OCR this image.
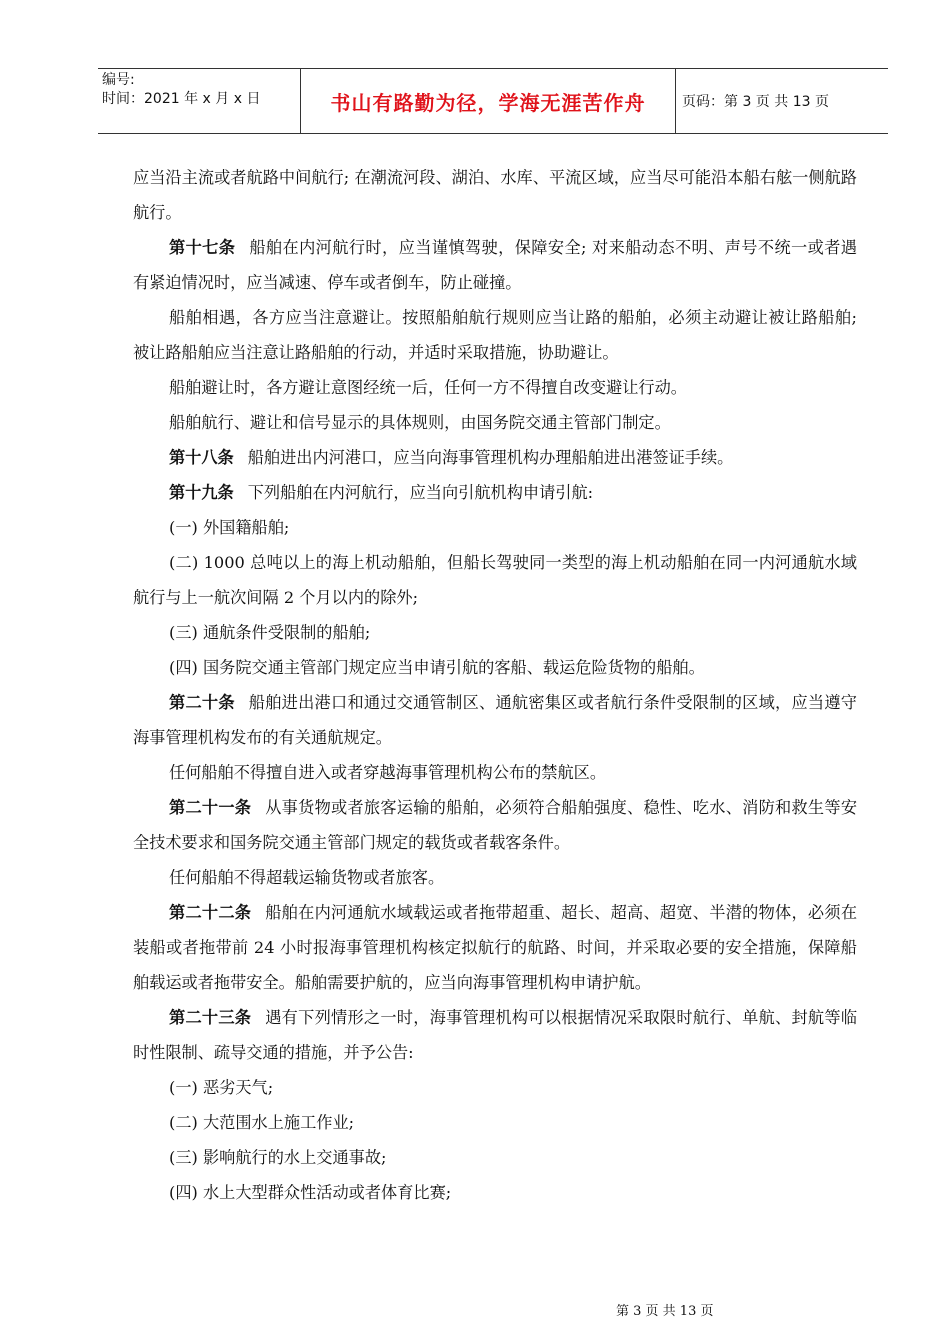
编号:
时间：2021 年 x 月 x 日	书山有路勤为径，学海无涯苦作舟	页码：第 3 页 共 13 页

应当沿主流或者航路中间航行; 在潮流河段、湖泊、水库、平流区域，应当尽可能沿本船右舷一侧航路航行。

第十七条 船舶在内河航行时，应当谨慎驾驶，保障安全; 对来船动态不明、声号不统一或者遇有紧迫情况时，应当减速、停车或者倒车，防止碰撞。

船舶相遇，各方应当注意避让。按照船舶航行规则应当让路的船舶，必须主动避让被让路船舶; 被让路船舶应当注意让路船舶的行动，并适时采取措施，协助避让。

船舶避让时，各方避让意图经统一后，任何一方不得擅自改变避让行动。

船舶航行、避让和信号显示的具体规则，由国务院交通主管部门制定。

第十八条 船舶进出内河港口，应当向海事管理机构办理船舶进出港签证手续。

第十九条 下列船舶在内河航行，应当向引航机构申请引航:

(一) 外国籍船舶;

(二) 1000 总吨以上的海上机动船舶，但船长驾驶同一类型的海上机动船舶在同一内河通航水域航行与上一航次间隔 2 个月以内的除外;

(三) 通航条件受限制的船舶;

(四) 国务院交通主管部门规定应当申请引航的客船、载运危险货物的船舶。

第二十条 船舶进出港口和通过交通管制区、通航密集区或者航行条件受限制的区域，应当遵守海事管理机构发布的有关通航规定。

任何船舶不得擅自进入或者穿越海事管理机构公布的禁航区。

第二十一条 从事货物或者旅客运输的船舶，必须符合船舶强度、稳性、吃水、消防和救生等安全技术要求和国务院交通主管部门规定的载货或者载客条件。

任何船舶不得超载运输货物或者旅客。

第二十二条 船舶在内河通航水域载运或者拖带超重、超长、超高、超宽、半潜的物体，必须在装船或者拖带前 24 小时报海事管理机构核定拟航行的航路、时间，并采取必要的安全措施，保障船舶载运或者拖带安全。船舶需要护航的，应当向海事管理机构申请护航。

第二十三条 遇有下列情形之一时，海事管理机构可以根据情况采取限时航行、单航、封航等临时性限制、疏导交通的措施，并予公告:

(一) 恶劣天气;

(二) 大范围水上施工作业;

(三) 影响航行的水上交通事故;

(四) 水上大型群众性活动或者体育比赛;

第 3 页 共 13 页
